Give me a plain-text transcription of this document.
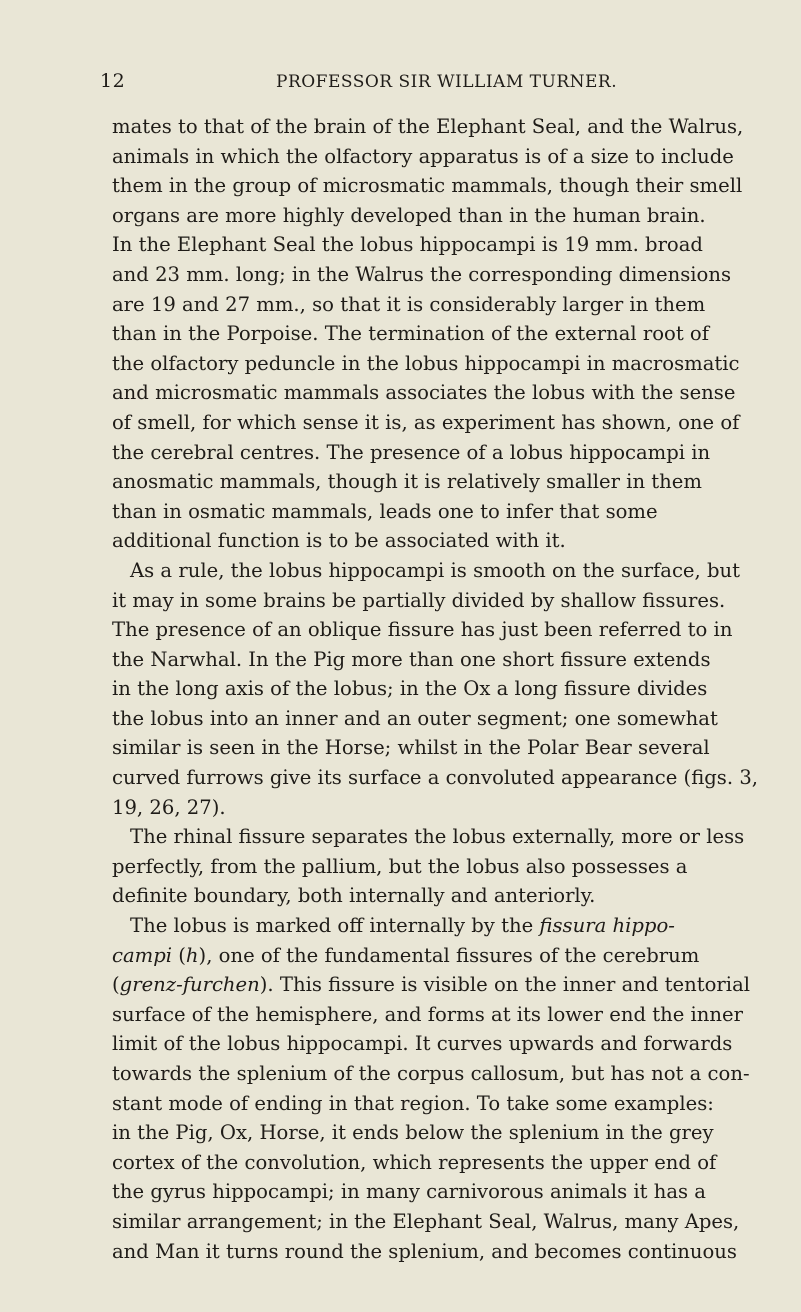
12	PROFESSOR SIR WILLIAM TURNER.
mates to that of the brain of the Elephant Seal, and the Walrus,
animals in which the olfactory apparatus is of a size to include
them in the group of microsmatic mammals, though their smell
organs are more highly developed than in the human brain.
In the Elephant Seal the lobus hippocampi is 19 mm. broad
and 23 mm. long; in the Walrus the corresponding dimensions
are 19 and 27 mm., so that it is considerably larger in them
than in the Porpoise. The termination of the external root of
the olfactory peduncle in the lobus hippocampi in macrosmatic
and microsmatic mammals associates the lobus with the sense
of smell, for which sense it is, as experiment has shown, one of
the cerebral centres. The presence of a lobus hippocampi in
anosmatic mammals, though it is relatively smaller in them
than in osmatic mammals, leads one to infer that some
additional function is to be associated with it.
As a rule, the lobus hippocampi is smooth on the surface, but
it may in some brains be partially divided by shallow fissures.
The presence of an oblique fissure has just been referred to in
the Narwhal. In the Pig more than one short fissure extends
in the long axis of the lobus; in the Ox a long fissure divides
the lobus into an inner and an outer segment; one somewhat
similar is seen in the Horse; whilst in the Polar Bear several
curved furrows give its surface a convoluted appearance (figs. 3,
19, 26, 27).
The rhinal fissure separates the lobus externally, more or less
perfectly, from the pallium, but the lobus also possesses a
definite boundary, both internally and anteriorly.
The lobus is marked off internally by the fissura hippo-
campi (h), one of the fundamental fissures of the cerebrum
(grenz-furchen). This fissure is visible on the inner and tentorial
surface of the hemisphere, and forms at its lower end the inner
limit of the lobus hippocampi. It curves upwards and forwards
towards the splenium of the corpus callosum, but has not a con-
stant mode of ending in that region. To take some examples:
in the Pig, Ox, Horse, it ends below the splenium in the grey
cortex of the convolution, which represents the upper end of
the gyrus hippocampi; in many carnivorous animals it has a
similar arrangement; in the Elephant Seal, Walrus, many Apes,
and Man it turns round the splenium, and becomes continuous
